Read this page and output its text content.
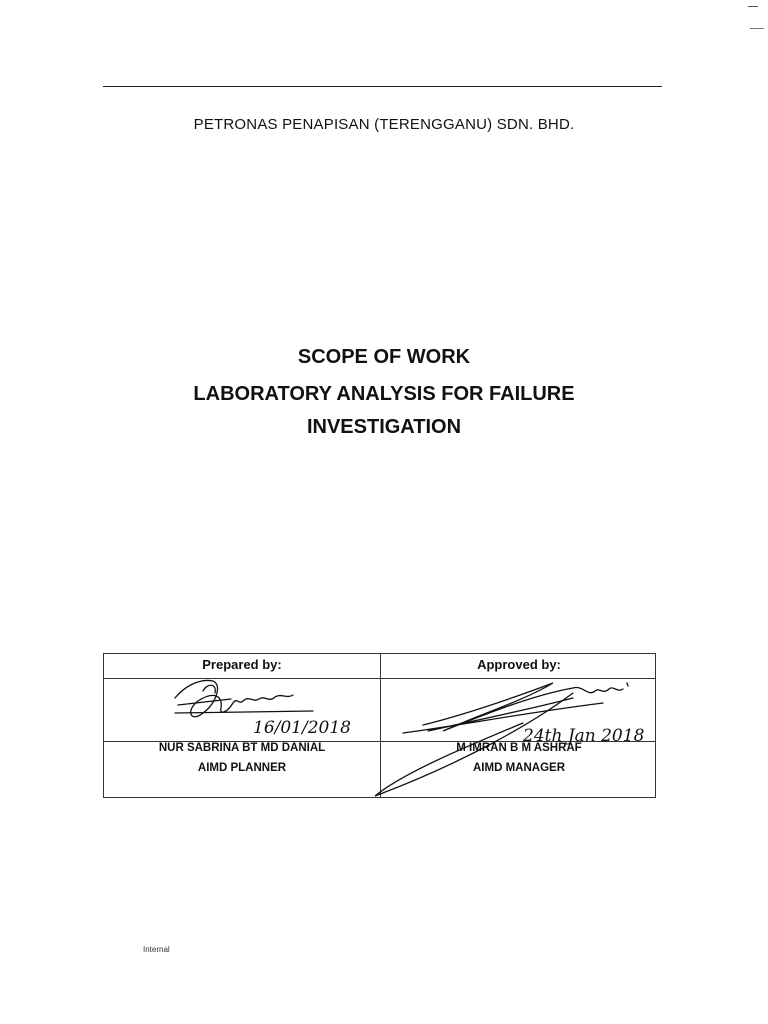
PETRONAS PENAPISAN (TERENGGANU) SDN. BHD.
SCOPE OF WORK
LABORATORY ANALYSIS FOR FAILURE
INVESTIGATION
Prepared by:	Approved by:
NUR SABRINA BT MD DANIAL
AIMD PLANNER
M IMRAN B M ASHRAF
AIMD MANAGER
16/01/2018	24th Jan 2018
Internal
